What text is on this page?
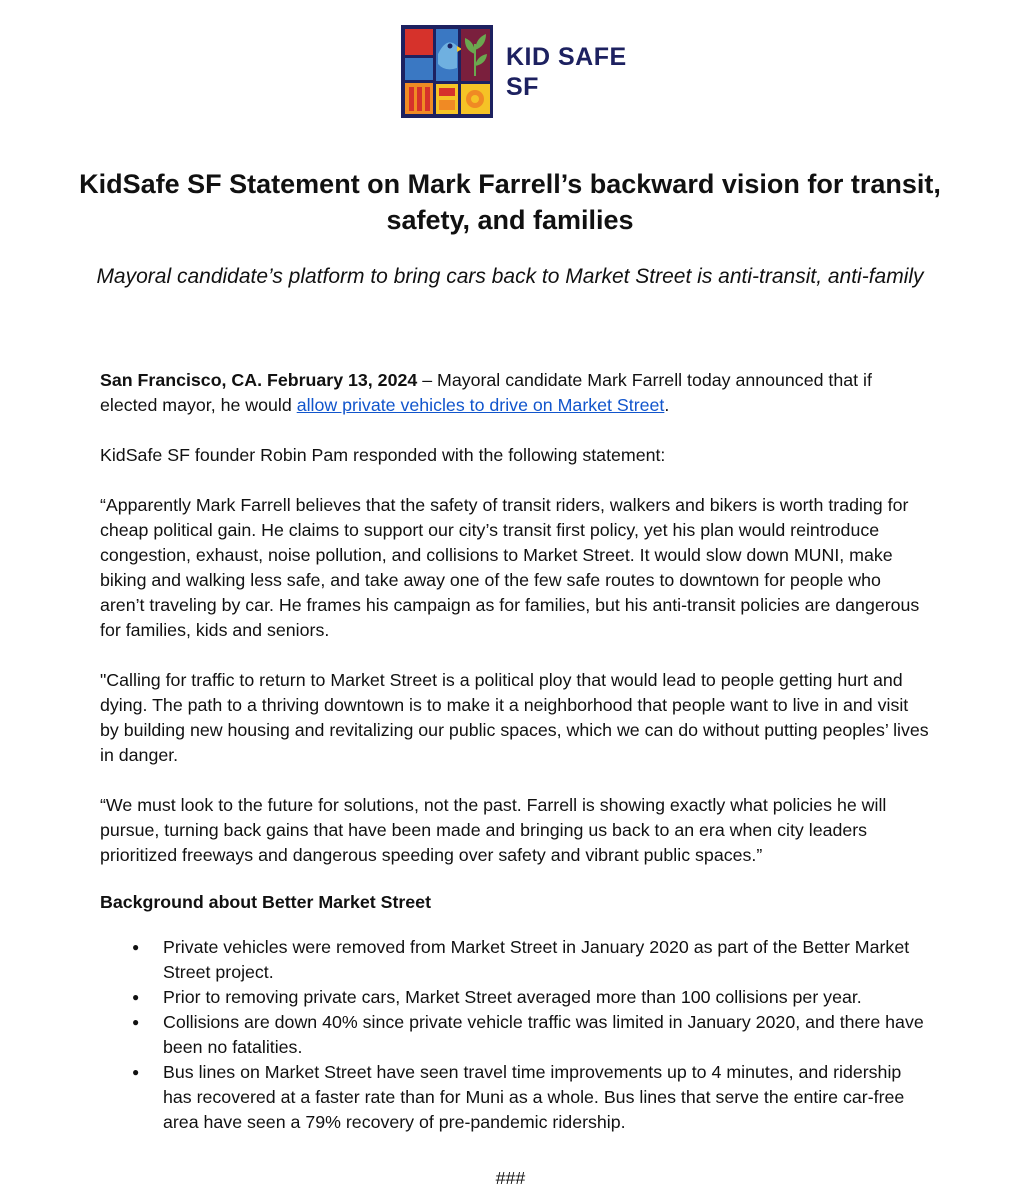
KID SAFE
SF
KidSafe SF Statement on Mark Farrell’s backward vision for transit, safety, and families

Mayoral candidate’s platform to bring cars back to Market Street is anti-transit, anti-family

San Francisco, CA. February 13, 2024 – Mayoral candidate Mark Farrell today announced that if elected mayor, he would allow private vehicles to drive on Market Street.

KidSafe SF founder Robin Pam responded with the following statement:

“Apparently Mark Farrell believes that the safety of transit riders, walkers and bikers is worth trading for cheap political gain. He claims to support our city’s transit first policy, yet his plan would reintroduce congestion, exhaust, noise pollution, and collisions to Market Street. It would slow down MUNI, make biking and walking less safe, and take away one of the few safe routes to downtown for people who aren’t traveling by car. He frames his campaign as for families, but his anti-transit policies are dangerous for families, kids and seniors.

"Calling for traffic to return to Market Street is a political ploy that would lead to people getting hurt and dying. The path to a thriving downtown is to make it a neighborhood that people want to live in and visit by building new housing and revitalizing our public spaces, which we can do without putting peoples’ lives in danger.

“We must look to the future for solutions, not the past. Farrell is showing exactly what policies he will pursue, turning back gains that have been made and bringing us back to an era when city leaders prioritized freeways and dangerous speeding over safety and vibrant public spaces.”

Background about Better Market Street
● Private vehicles were removed from Market Street in January 2020 as part of the Better Market Street project.
● Prior to removing private cars, Market Street averaged more than 100 collisions per year.
● Collisions are down 40% since private vehicle traffic was limited in January 2020, and there have been no fatalities.
● Bus lines on Market Street have seen travel time improvements up to 4 minutes, and ridership has recovered at a faster rate than for Muni as a whole. Bus lines that serve the entire car-free area have seen a 79% recovery of pre-pandemic ridership.
###
